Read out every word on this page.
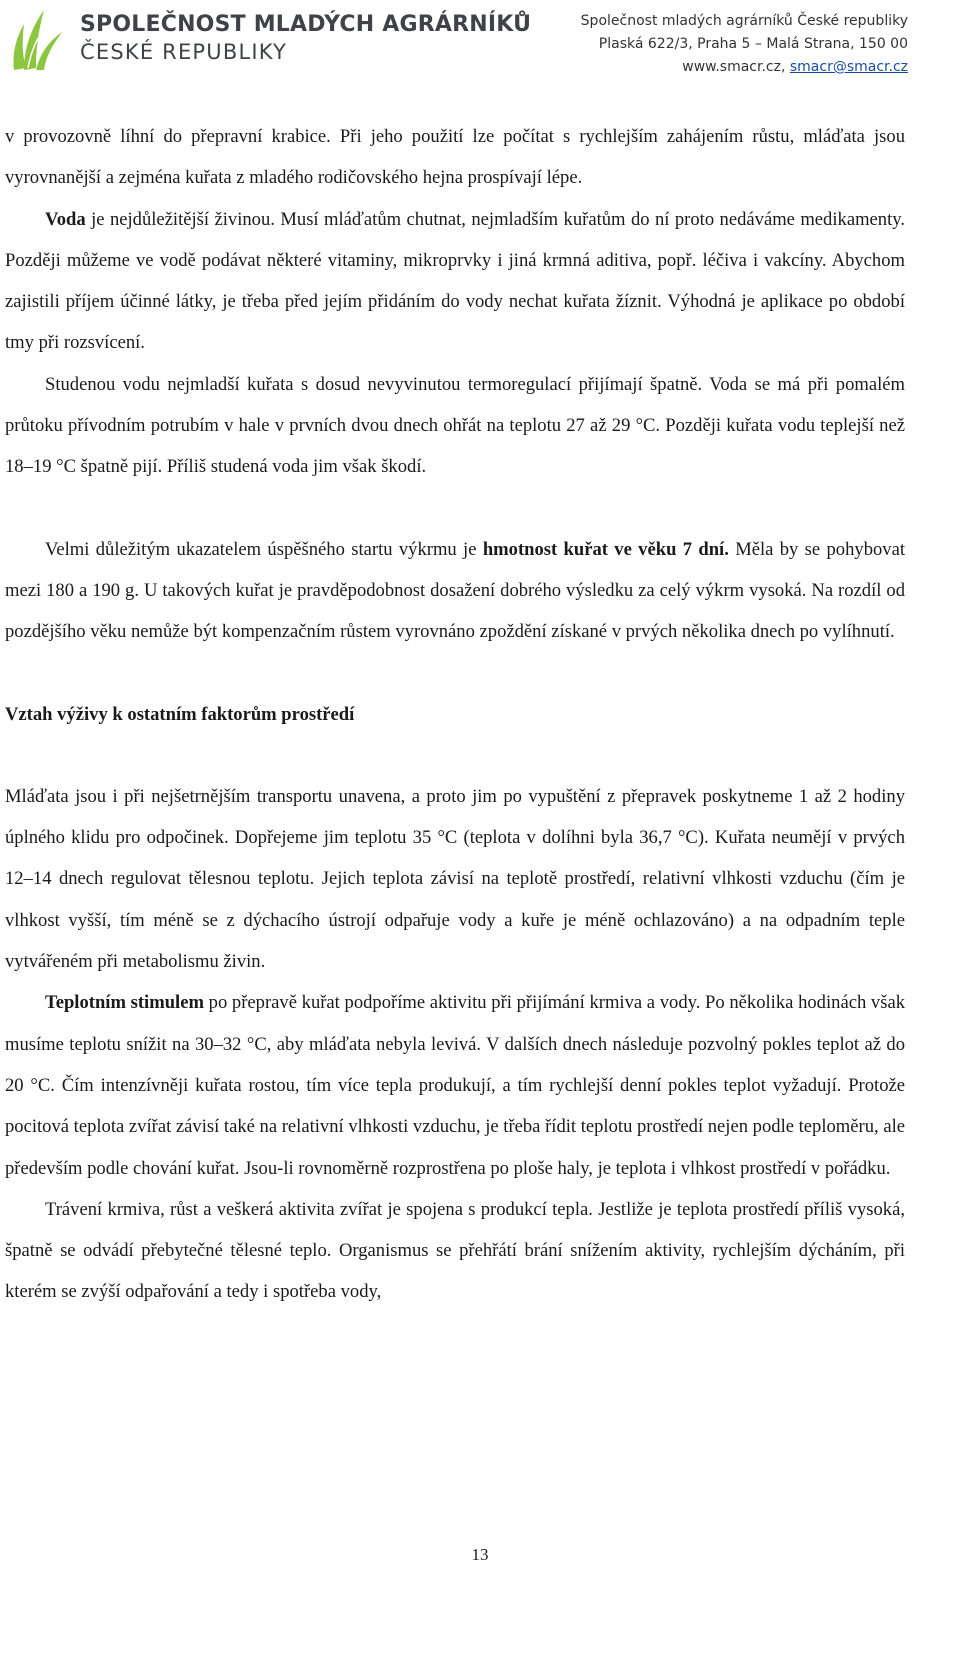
SPOLEČNOST MLADÝCH AGRÁRNÍKŮ
ČESKÉ REPUBLIKY
Společnost mladých agrárníků České republiky
Plaská 622/3, Praha 5 – Malá Strana, 150 00
www.smacr.cz, smacr@smacr.cz

v provozovně líhní do přepravní krabice. Při jeho použití lze počítat s rychlejším zahájením růstu, mláďata jsou vyrovnanější a zejména kuřata z mladého rodičovského hejna prospívají lépe.

Voda je nejdůležitější živinou. Musí mláďatům chutnat, nejmladším kuřatům do ní proto nedáváme medikamenty. Později můžeme ve vodě podávat některé vitaminy, mikroprvky i jiná krmná aditiva, popř. léčiva i vakcíny. Abychom zajistili příjem účinné látky, je třeba před jejím přidáním do vody nechat kuřata žíznit. Výhodná je aplikace po období tmy při rozsvícení.

Studenou vodu nejmladší kuřata s dosud nevyvinutou termoregulací přijímají špatně. Voda se má při pomalém průtoku přívodním potrubím v hale v prvních dvou dnech ohřát na teplotu 27 až 29 °C. Později kuřata vodu teplejší než 18–19 °C špatně pijí. Příliš studená voda jim však škodí.

Velmi důležitým ukazatelem úspěšného startu výkrmu je hmotnost kuřat ve věku 7 dní. Měla by se pohybovat mezi 180 a 190 g. U takových kuřat je pravděpodobnost dosažení dobrého výsledku za celý výkrm vysoká. Na rozdíl od pozdějšího věku nemůže být kompenzačním růstem vyrovnáno zpoždění získané v prvých několika dnech po vylíhnutí.

Vztah výživy k ostatním faktorům prostředí

Mláďata jsou i při nejšetrnějším transportu unavena, a proto jim po vypuštění z přepravek poskytneme 1 až 2 hodiny úplného klidu pro odpočinek. Dopřejeme jim teplotu 35 °C (teplota v dolíhni byla 36,7 °C). Kuřata neumějí v prvých 12–14 dnech regulovat tělesnou teplotu. Jejich teplota závisí na teplotě prostředí, relativní vlhkosti vzduchu (čím je vlhkost vyšší, tím méně se z dýchacího ústrojí odpařuje vody a kuře je méně ochlazováno) a na odpadním teple vytvářeném při metabolismu živin.

Teplotním stimulem po přepravě kuřat podpoříme aktivitu při přijímání krmiva a vody. Po několika hodinách však musíme teplotu snížit na 30–32 °C, aby mláďata nebyla levivá. V dalších dnech následuje pozvolný pokles teplot až do 20 °C. Čím intenzívněji kuřata rostou, tím více tepla produkují, a tím rychlejší denní pokles teplot vyžadují. Protože pocitová teplota zvířat závisí také na relativní vlhkosti vzduchu, je třeba řídit teplotu prostředí nejen podle teploměru, ale především podle chování kuřat. Jsou-li rovnoměrně rozprostřena po ploše haly, je teplota i vlhkost prostředí v pořádku.

Trávení krmiva, růst a veškerá aktivita zvířat je spojena s produkcí tepla. Jestliže je teplota prostředí příliš vysoká, špatně se odvádí přebytečné tělesné teplo. Organismus se přehřátí brání snížením aktivity, rychlejším dýcháním, při kterém se zvýší odpařování a tedy i spotřeba vody,

13
